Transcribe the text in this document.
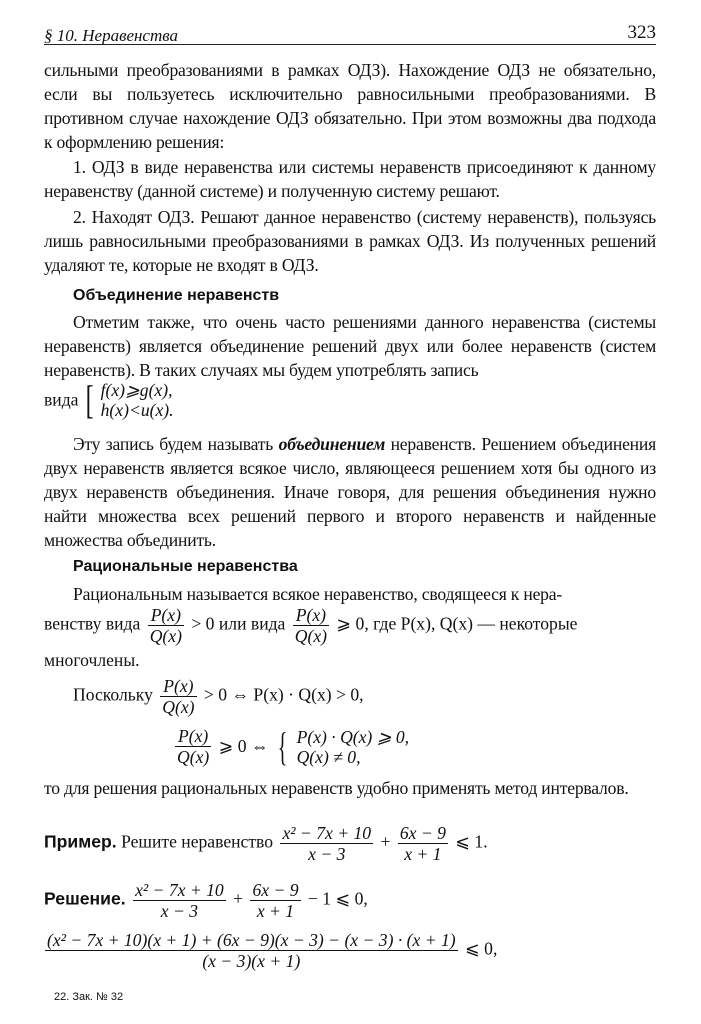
§ 10. Неравенства	323
сильными преобразованиями в рамках ОДЗ). Нахождение ОДЗ не обязательно, если вы пользуетесь исключительно равносильными преобразованиями. В противном случае нахождение ОДЗ обязательно. При этом возможны два подхода к оформлению решения:
1. ОДЗ в виде неравенства или системы неравенств присоединяют к данному неравенству (данной системе) и полученную систему решают.
2. Находят ОДЗ. Решают данное неравенство (систему неравенств), пользуясь лишь равносильными преобразованиями в рамках ОДЗ. Из полученных решений удаляют те, которые не входят в ОДЗ.
Объединение неравенств
Отметим также, что очень часто решениями данного неравенства (системы неравенств) является объединение решений двух или более неравенств (систем неравенств). В таких случаях мы будем употреблять запись
вида [ f(x)⩾g(x),
h(x)<u(x).
Эту запись будем называть объединением неравенств. Решением объединения двух неравенств является всякое число, являющееся решением хотя бы одного из двух неравенств объединения. Иначе говоря, для решения объединения нужно найти множества всех решений первого и второго неравенств и найденные множества объединить.
Рациональные неравенства
Рациональным называется всякое неравенство, сводящееся к нера-
венству вида $\frac{P(x)}{Q(x)} > 0$ или вида $\frac{P(x)}{Q(x)}$ ⩾ 0, где P(x), Q(x) — некоторые
многочлены.
Поскольку $\frac{P(x)}{Q(x)} > 0$ ⇔ P(x) · Q(x) > 0,
$\frac{P(x)}{Q(x)}$ ⩾ 0 ⇔ { P(x) · Q(x) ⩾ 0,
Q(x) ≠ 0,
то для решения рациональных неравенств удобно применять метод интервалов.
Пример. Решите неравенство $\frac{\text{x² − 7x + 10}}{x - 3} + \frac{6x - 9}{x + 1}$ ⩽ 1.
Решение. $\frac{\text{x² − 7x + 10}}{x - 3} + \frac{6x - 9}{x + 1} - 1$ ⩽ 0,
$\frac{\text{(x² − 7x + 10)(x + 1) + (6x − 9)(x − 3) − (x − 3) · (x + 1)}}{(x - 3)(x + 1)}$ ⩽ 0,
22. Зак. № 32
